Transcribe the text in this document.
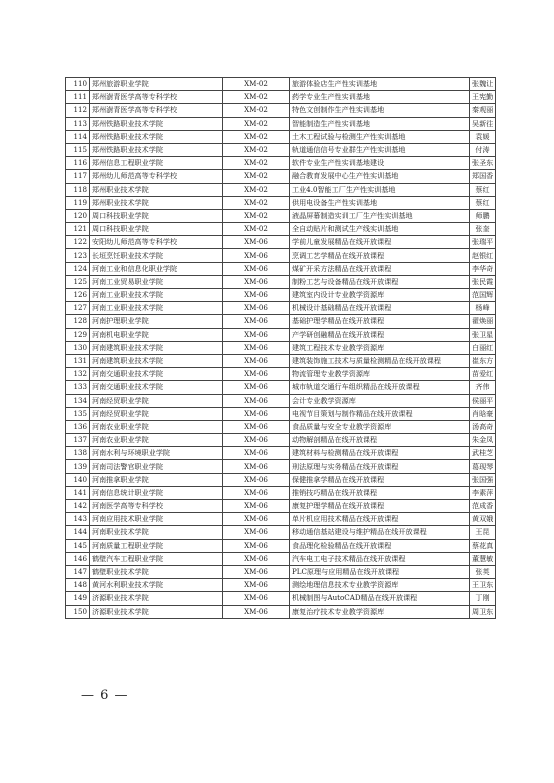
110	郑州旅游职业学院	XM-02	旅游体验店生产性实训基地	张魏让
111	郑州澍青医学高等专科学校	XM-02	药学专业生产性实训基地	王宪勤
112	郑州澍青医学高等专科学校	XM-02	特色文创制作生产性实训基地	秦观丽
113	郑州铁路职业技术学院	XM-02	智能制造生产性实训基地	吴新往
114	郑州铁路职业技术学院	XM-02	土木工程试验与检测生产性实训基地	袁媛
115	郑州铁路职业技术学院	XM-02	轨道通信信号专业群生产性实训基地	付涛
116	郑州信息工程职业学院	XM-02	软件专业生产性实训基地建设	张圣东
117	郑州幼儿师范高等专科学校	XM-02	融合教育发展中心生产性实训基地	郑国香
118	郑州职业技术学院	XM-02	工业4.0智能工厂生产性实训基地	蔡红
119	郑州职业技术学院	XM-02	供用电设备生产性实训基地	蔡红
120	周口科技职业学院	XM-02	液晶屏幕制造实训工厂生产性实训基地	师鹏
121	周口科技职业学院	XM-02	全自动贴片和测试生产线实训基地	张奎
122	安阳幼儿师范高等专科学校	XM-06	学前儿童发展精品在线开放课程	张瑞平
123	长垣烹饪职业技术学院	XM-06	烹调工艺学精品在线开放课程	赵银红
124	河南工业和信息化职业学院	XM-06	煤矿开采方法精品在线开放课程	李华奇
125	河南工业贸易职业学院	XM-06	制粉工艺与设备精品在线开放课程	张民霞
126	河南工业职业技术学院	XM-06	建筑室内设计专业教学资源库	范国辉
127	河南工业职业技术学院	XM-06	机械设计基础精品在线开放课程	杨峰
128	河南护理职业学院	XM-06	基础护理学精品在线开放课程	翟焕丽
129	河南机电职业学院	XM-06	产学研创融精品在线开放课程	张卫星
130	河南建筑职业技术学院	XM-06	建筑工程技术专业教学资源库	白丽红
131	河南建筑职业技术学院	XM-06	建筑装饰施工技术与质量检测精品在线开放课程	崔东方
132	河南交通职业技术学院	XM-06	物流管理专业教学资源库	苗爱红
133	河南交通职业技术学院	XM-06	城市轨道交通行车组织精品在线开放课程	齐伟
134	河南经贸职业学院	XM-06	会计专业教学资源库	侯丽平
135	河南经贸职业学院	XM-06	电视节目策划与制作精品在线开放课程	肖晗豪
136	河南农业职业学院	XM-06	食品质量与安全专业教学资源库	汤高奇
137	河南农业职业学院	XM-06	动物解剖精品在线开放课程	朱金凤
138	河南水利与环境职业学院	XM-06	建筑材料与检测精品在线开放课程	武桂芝
139	河南司法警官职业学院	XM-06	刑法原理与实务精品在线开放课程	葛现琴
140	河南推拿职业学院	XM-06	保健推拿学精品在线开放课程	张国强
141	河南信息统计职业学院	XM-06	推销技巧精品在线开放课程	李素萍
142	河南医学高等专科学校	XM-06	康复护理学精品在线开放课程	范成香
143	河南应用技术职业学院	XM-06	单片机应用技术精品在线开放课程	黄双娥
144	河南职业技术学院	XM-06	移动通信基站建设与维护精品在线开放课程	王昆
145	河南质量工程职业学院	XM-06	食品理化检验精品在线开放课程	蔡花真
146	鹤壁汽车工程职业学院	XM-06	汽车电工电子技术精品在线开放课程	董慧敏
147	鹤壁职业技术学院	XM-06	PLC原理与应用精品在线开放课程	张英
148	黄河水利职业技术学院	XM-06	测绘地理信息技术专业教学资源库	王卫东
149	济源职业技术学院	XM-06	机械制图与AutoCAD精品在线开放课程	丁刚
150	济源职业技术学院	XM-06	康复治疗技术专业教学资源库	周卫东
— 6 —
